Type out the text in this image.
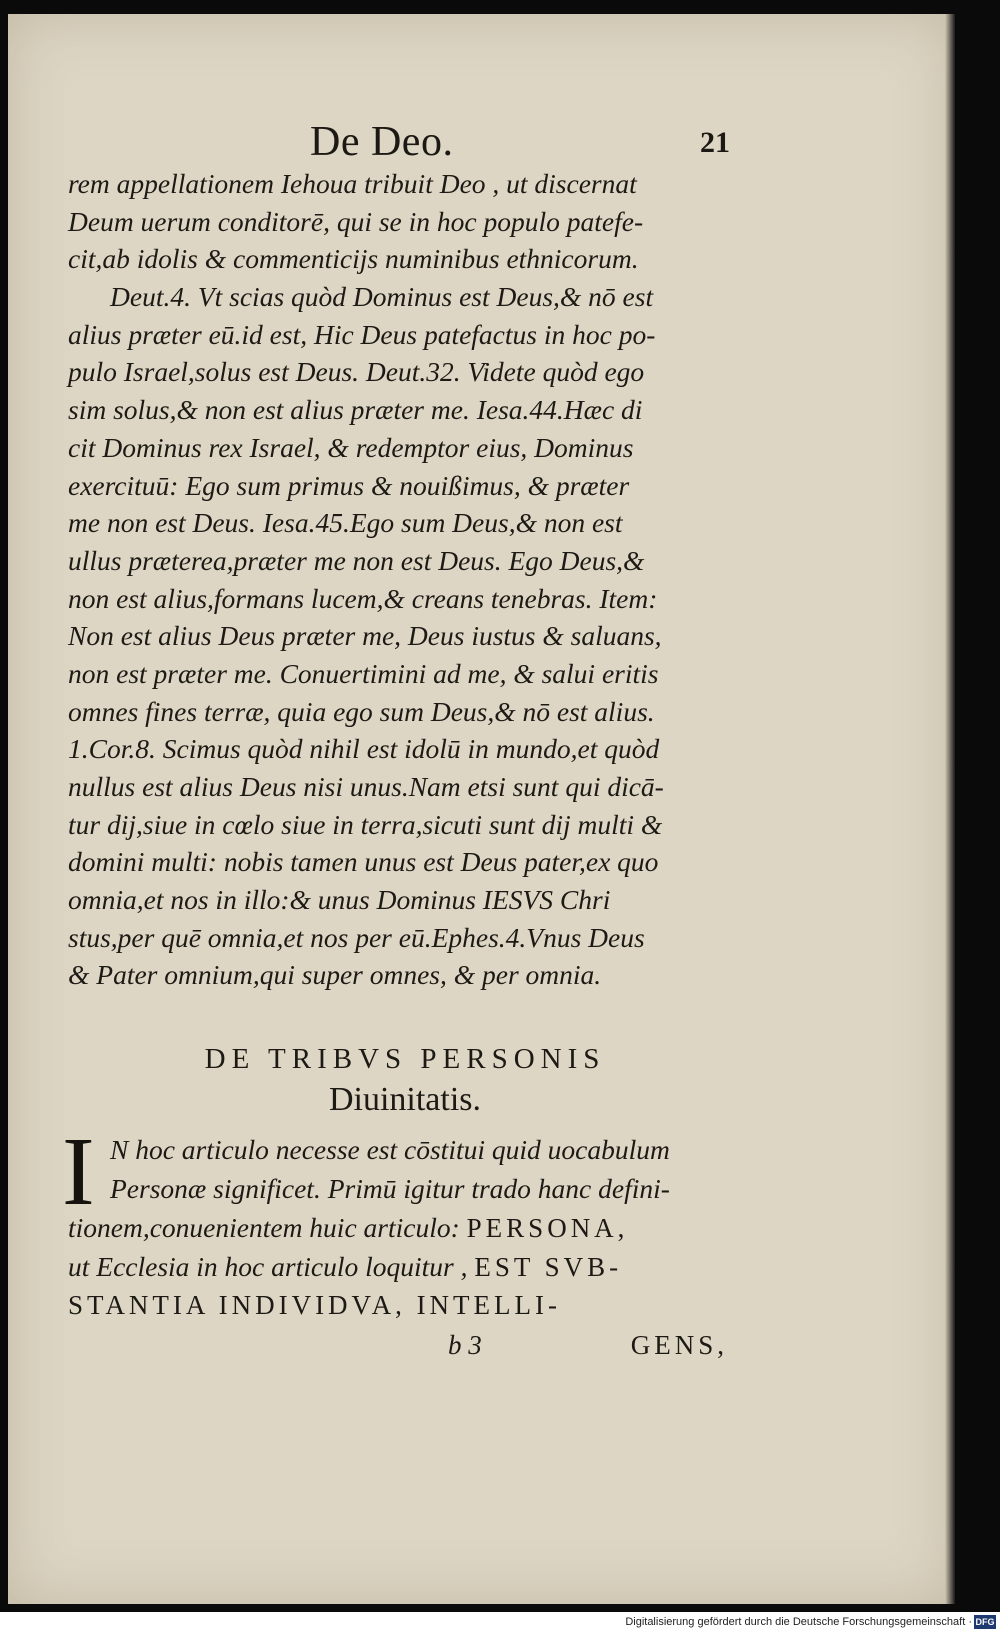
De Deo.	21
rem appellationem Iehoua tribuit Deo , ut discernat
Deum uerum conditorē, qui se in hoc populo patefe-
cit,ab idolis & commenticijs numinibus ethnicorum.
Deut.4. Vt scias quòd Dominus est Deus,& nō est
alius præter eū.id est, Hic Deus patefactus in hoc po-
pulo Israel,solus est Deus. Deut.32. Videte quòd ego
sim solus,& non est alius præter me. Iesa.44.Hæc di
cit Dominus rex Israel, & redemptor eius, Dominus
exercituū: Ego sum primus & nouißimus, & præter
me non est Deus. Iesa.45.Ego sum Deus,& non est
ullus præterea,præter me non est Deus. Ego Deus,&
non est alius,formans lucem,& creans tenebras. Item:
Non est alius Deus præter me, Deus iustus & saluans,
non est præter me. Conuertimini ad me, & salui eritis
omnes fines terræ, quia ego sum Deus,& nō est alius.
1.Cor.8. Scimus quòd nihil est idolū in mundo,et quòd
nullus est alius Deus nisi unus.Nam etsi sunt qui dicā-
tur dij,siue in cœlo siue in terra,sicuti sunt dij multi &
domini multi: nobis tamen unus est Deus pater,ex quo
omnia,et nos in illo:& unus Dominus IESVS Chri
stus,per quē omnia,et nos per eū.Ephes.4.Vnus Deus
& Pater omnium,qui super omnes, & per omnia.
DE TRIBVS PERSONIS
Diuinitatis.
I N hoc articulo necesse est cōstitui quid uocabulum
Personæ significet. Primū igitur trado hanc defini-
tionem,conuenientem huic articulo: PERSONA,
ut Ecclesia in hoc articulo loquitur , EST SVB-
STANTIA INDIVIDVA, INTELLI-
b 3	GENS,
Digitalisierung gefördert durch die Deutsche Forschungsgemeinschaft · DFG
